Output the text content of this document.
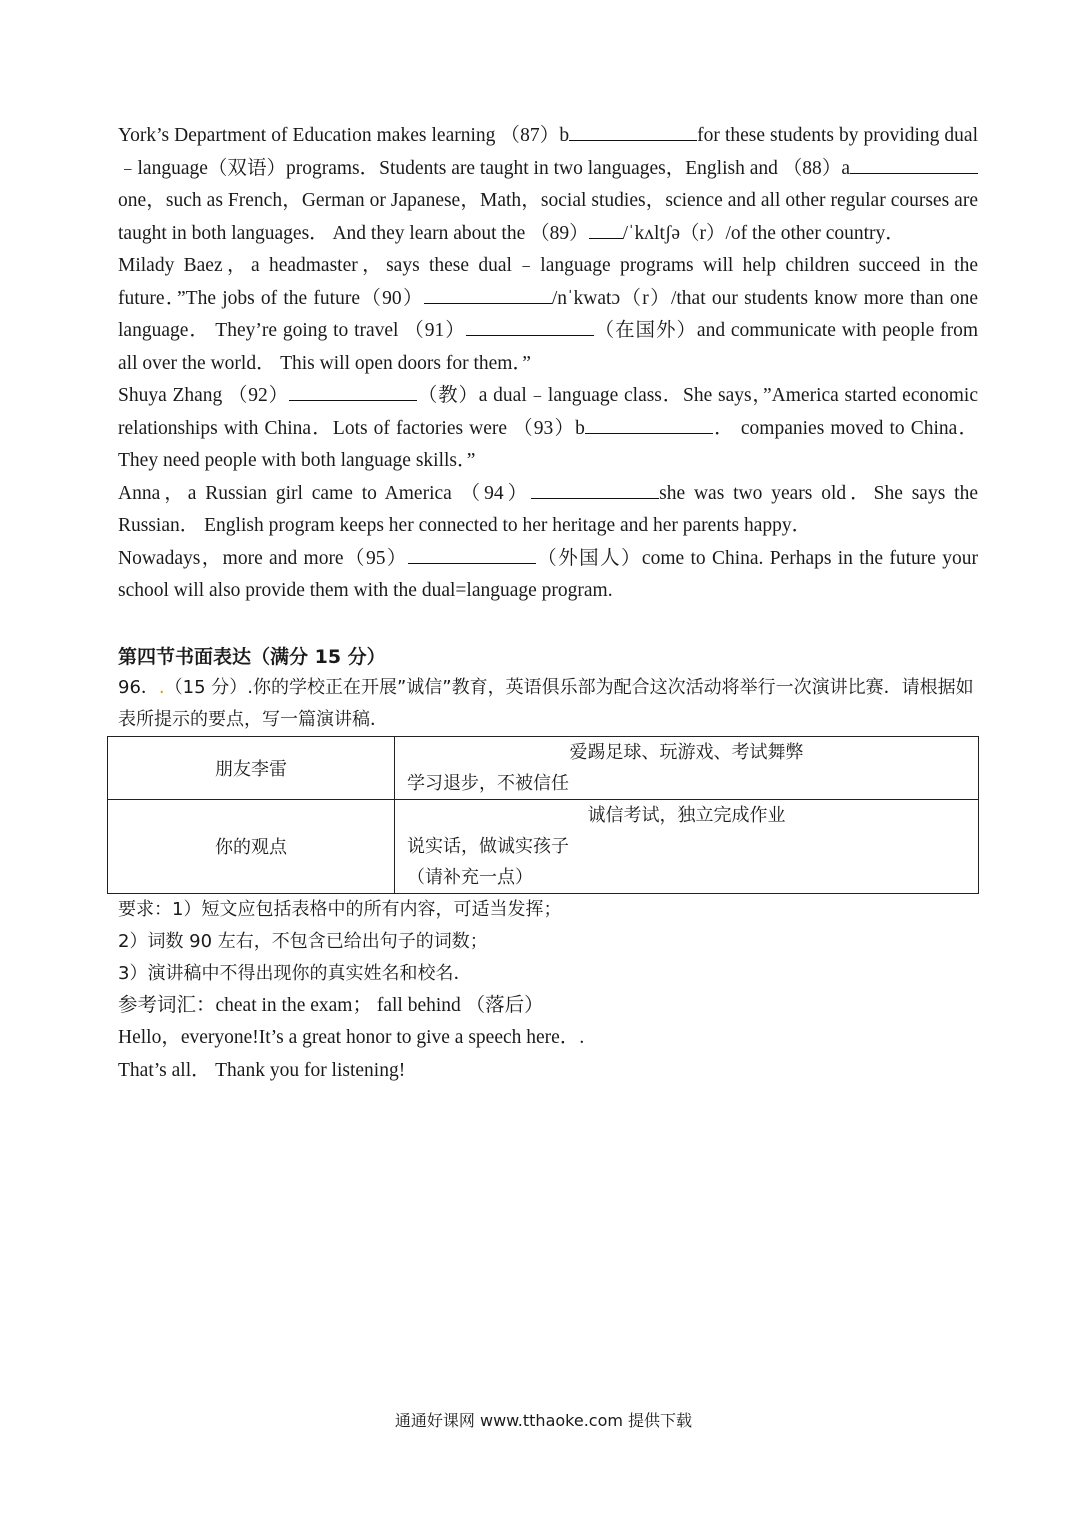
York’s Department of Education makes learning （87）b	for these students by providing dual﹣language（双语）programs．Students are taught in two languages，English and （88）aone，such as French，German or Japanese，Math，social studies，science and all other regular courses are taught in both languages． And they learn about the （89） /ˈkʌltʃə（r）/of the other country．

Milady Baez，a headmaster，says these dual﹣language programs will help children succeed in the future．”The jobs of the future（90）	/nˈkwatɔ（r）/that our students know more than one language． They’re going to travel （91）	（在国外）and communicate with people from all over the world． This will open doors for them．”

Shuya Zhang （92）	（教）a dual﹣language class．She says，”America started economic relationships with China．Lots of factories were （93）b	． companies moved to China． They need people with both language skills．”

Anna，a Russian girl came to America （94）	she was two years old．She says the Russian． English program keeps her connected to her heritage and her parents happy．

Nowadays，more and more（95）	（外国人）come to China. Perhaps in the future your school will also provide them with the dual=language program.

第四节书面表达（满分 15 分）

96．.（15 分）.你的学校正在开展”诚信”教育，英语俱乐部为配合这次活动将举行一次演讲比赛．请根据如表所提示的要点，写一篇演讲稿．

朋友李雷	爱踢足球、玩游戏、考试舞弊
学习退步，不被信任

你的观点	诚信考试，独立完成作业
说实话，做诚实孩子
（请补充一点）

要求：1）短文应包括表格中的所有内容，可适当发挥；

2）词数 90 左右，不包含已给出句子的词数；

3）演讲稿中不得出现你的真实姓名和校名．

参考词汇：cheat in the exam； fall behind （落后）

Hello，everyone!It’s a great honor to give a speech here．.

That’s all． Thank you for listening!

通通好课网 www.tthaoke.com 提供下载
